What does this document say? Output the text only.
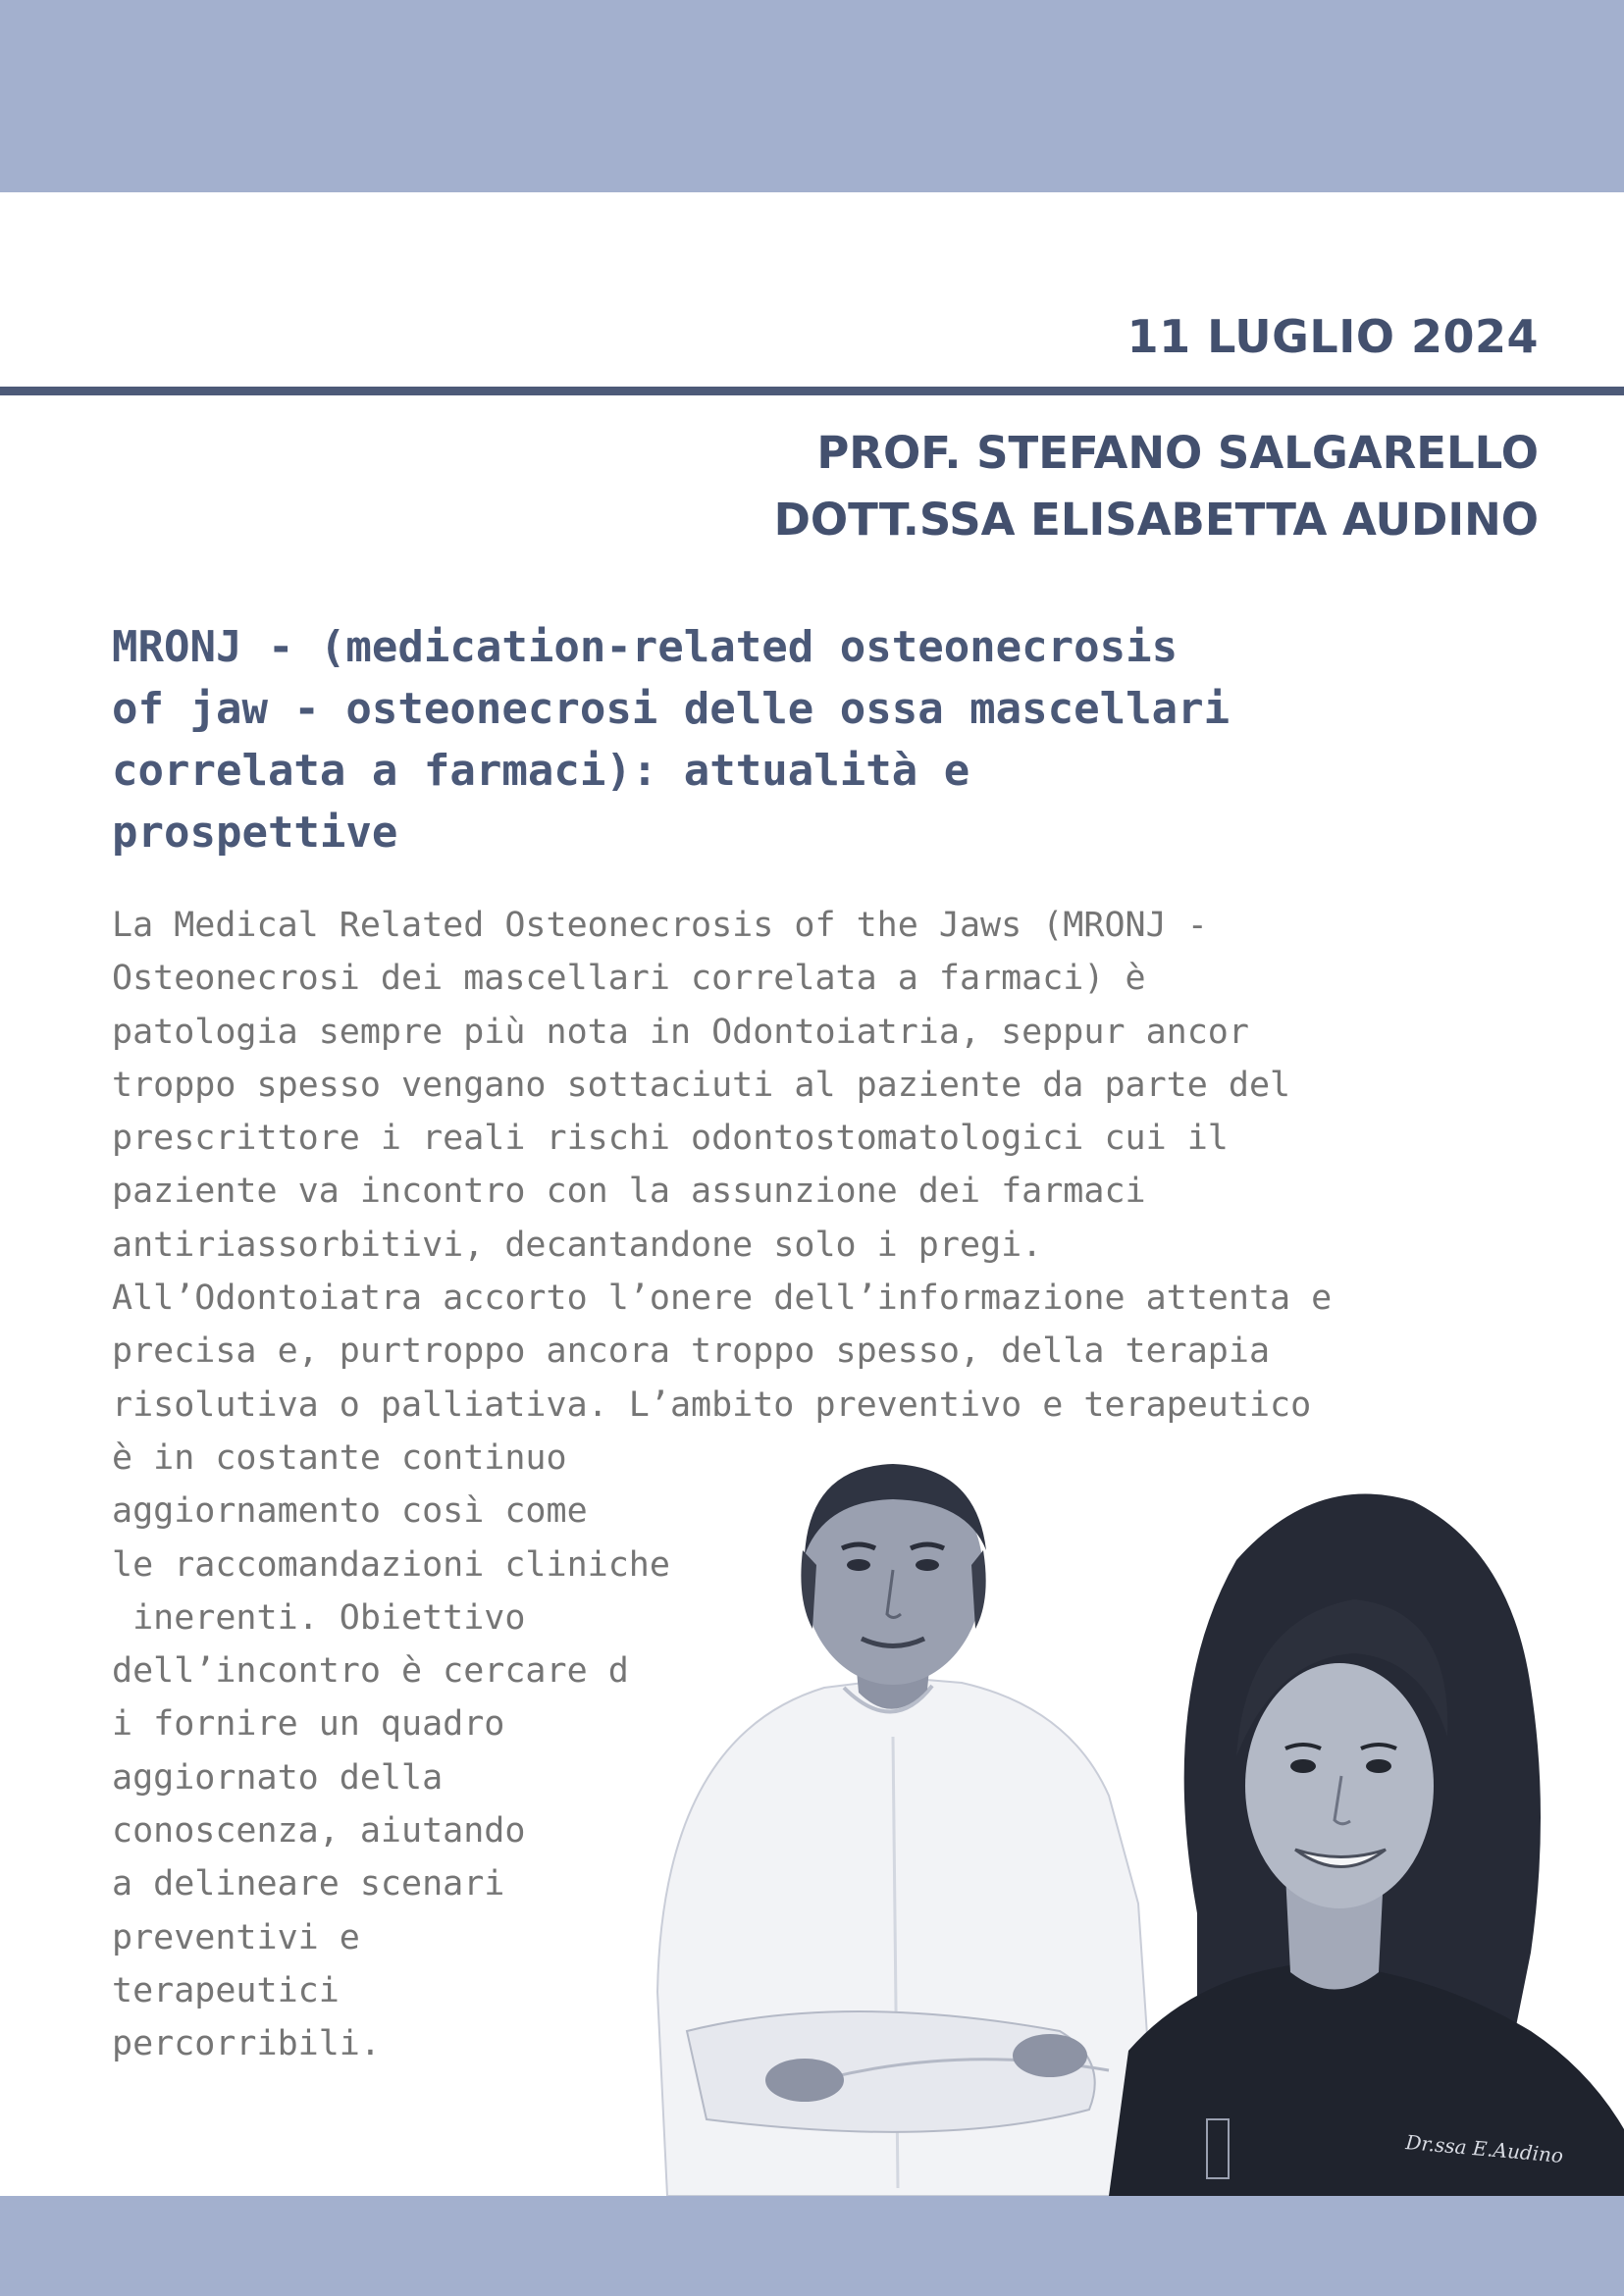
11 LUGLIO 2024
PROF. STEFANO SALGARELLO
DOTT.SSA ELISABETTA AUDINO
MRONJ - (medication-related osteonecrosis
of jaw - osteonecrosi delle ossa mascellari
correlata a farmaci): attualità e
prospettive
La Medical Related Osteonecrosis of the Jaws (MRONJ -
Osteonecrosi dei mascellari correlata a farmaci) è
patologia sempre più nota in Odontoiatria, seppur ancor
troppo spesso vengano sottaciuti al paziente da parte del
prescrittore i reali rischi odontostomatologici cui il
paziente va incontro con la assunzione dei farmaci
antiriassorbitivi, decantandone solo i pregi.
All’Odontoiatra accorto l’onere dell’informazione attenta e
precisa e, purtroppo ancora troppo spesso, della terapia
risolutiva o palliativa. L’ambito preventivo e terapeutico
è in costante continuo
aggiornamento così come
le raccomandazioni cliniche
inerenti. Obiettivo
dell’incontro è cercare d
i fornire un quadro
aggiornato della
conoscenza, aiutando
a delineare scenari
preventivi e
terapeutici
percorribili.
Dr.ssa E.Audino
